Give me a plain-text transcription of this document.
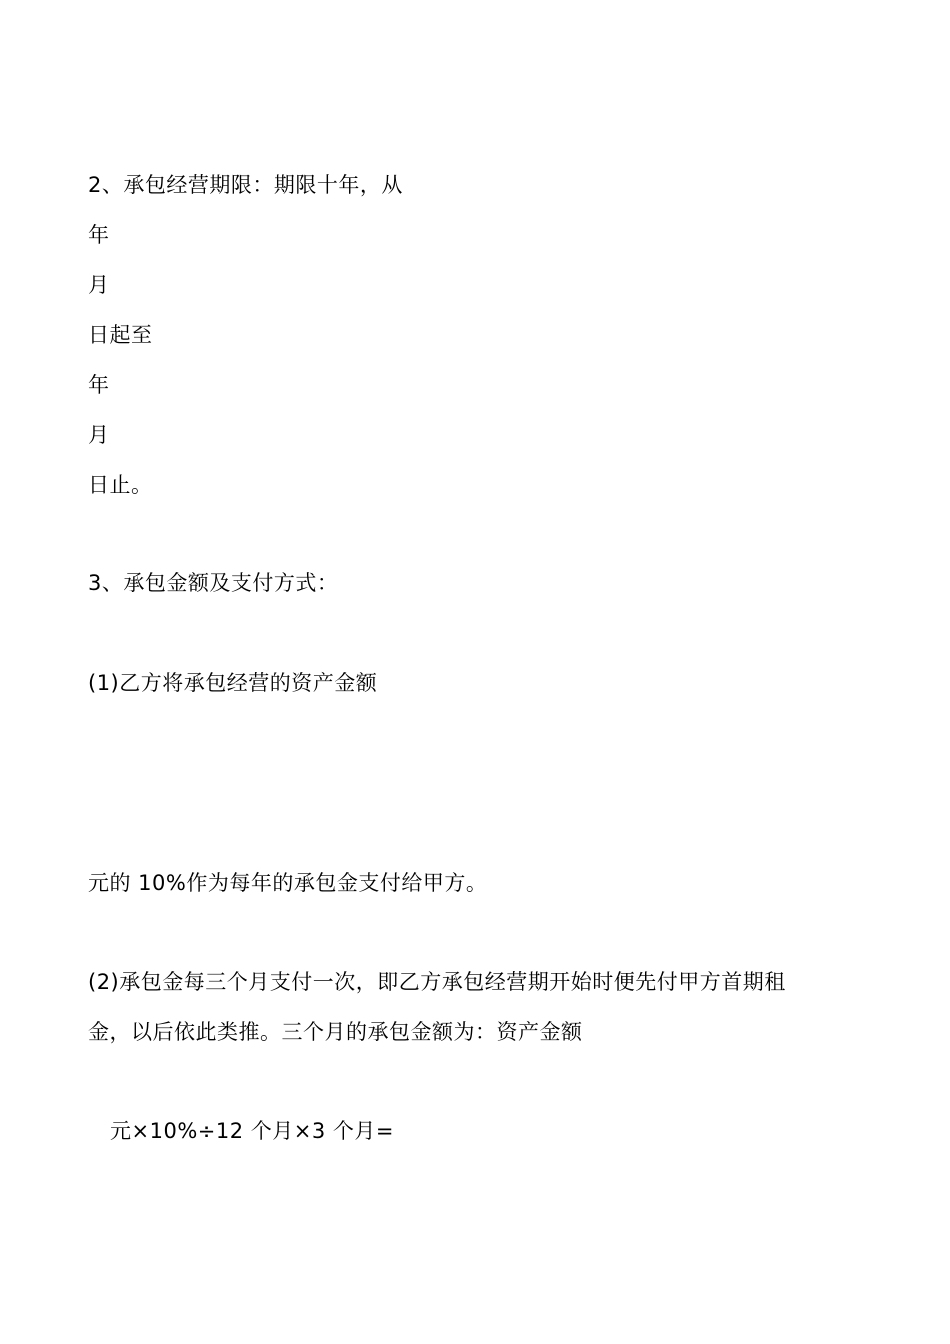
2、承包经营期限：期限十年，从
年
月
日起至
年
月
日止。
3、承包金额及支付方式：
(1)乙方将承包经营的资产金额
元的 10%作为每年的承包金支付给甲方。
(2)承包金每三个月支付一次，即乙方承包经营期开始时便先付甲方首期租
金，以后依此类推。三个月的承包金额为：资产金额
元×10%÷12 个月×3 个月=
